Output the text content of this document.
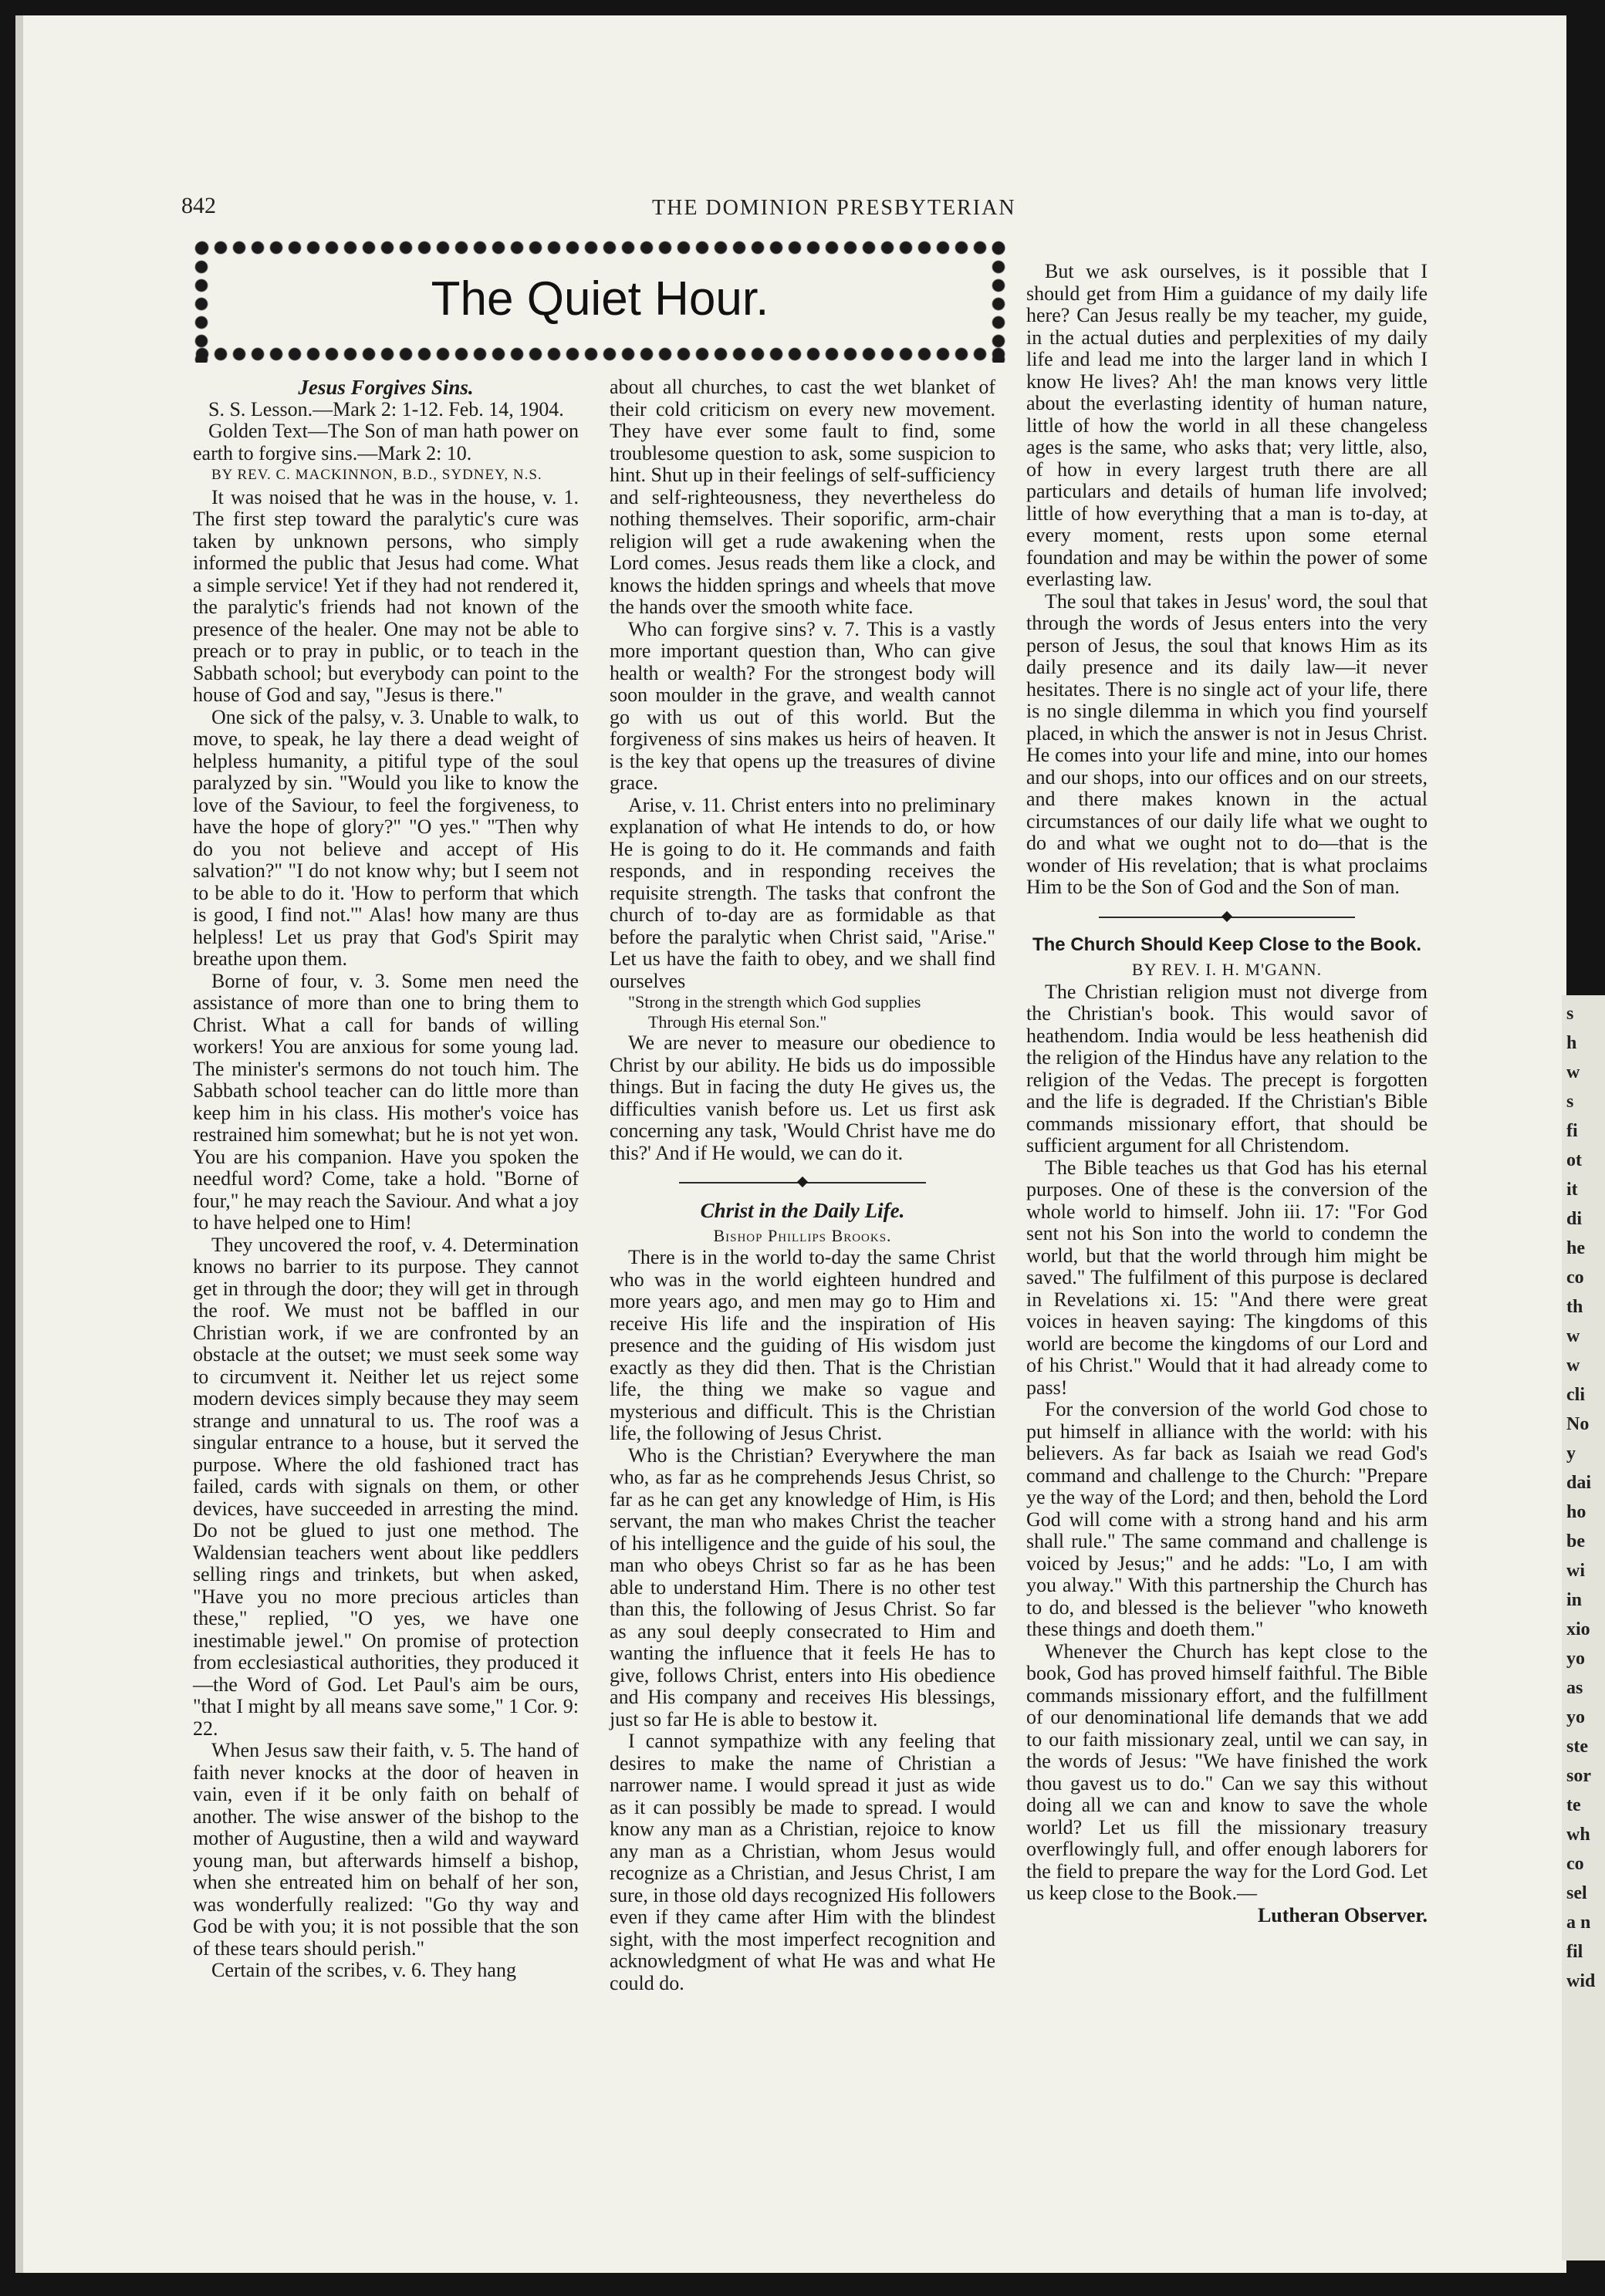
842	THE DOMINION PRESBYTERIAN
The Quiet Hour.

Jesus Forgives Sins.

S. S. Lesson.—Mark 2: 1-12. Feb. 14, 1904.

Golden Text—The Son of man hath power on earth to forgive sins.—Mark 2: 10.

BY REV. C. MACKINNON, B.D., SYDNEY, N.S.

It was noised that he was in the house, v. 1. The first step toward the paralytic's cure was taken by unknown persons, who simply informed the public that Jesus had come. What a simple service! Yet if they had not rendered it, the paralytic's friends had not known of the presence of the healer. One may not be able to preach or to pray in public, or to teach in the Sabbath school; but everybody can point to the house of God and say, "Jesus is there."

One sick of the palsy, v. 3. Unable to walk, to move, to speak, he lay there a dead weight of helpless humanity, a pitiful type of the soul paralyzed by sin. "Would you like to know the love of the Saviour, to feel the forgiveness, to have the hope of glory?" "O yes." "Then why do you not believe and accept of His salvation?" "I do not know why; but I seem not to be able to do it. 'How to perform that which is good, I find not.'" Alas! how many are thus helpless! Let us pray that God's Spirit may breathe upon them.

Borne of four, v. 3. Some men need the assistance of more than one to bring them to Christ. What a call for bands of willing workers! You are anxious for some young lad. The minister's sermons do not touch him. The Sabbath school teacher can do little more than keep him in his class. His mother's voice has restrained him somewhat; but he is not yet won. You are his companion. Have you spoken the needful word? Come, take a hold. "Borne of four," he may reach the Saviour. And what a joy to have helped one to Him!

They uncovered the roof, v. 4. Determination knows no barrier to its purpose. They cannot get in through the door; they will get in through the roof. We must not be baffled in our Christian work, if we are confronted by an obstacle at the outset; we must seek some way to circumvent it. Neither let us reject some modern devices simply because they may seem strange and unnatural to us. The roof was a singular entrance to a house, but it served the purpose. Where the old fashioned tract has failed, cards with signals on them, or other devices, have succeeded in arresting the mind. Do not be glued to just one method. The Waldensian teachers went about like peddlers selling rings and trinkets, but when asked, "Have you no more precious articles than these," replied, "O yes, we have one inestimable jewel." On promise of protection from ecclesiastical authorities, they produced it—the Word of God. Let Paul's aim be ours, "that I might by all means save some," 1 Cor. 9: 22.

When Jesus saw their faith, v. 5. The hand of faith never knocks at the door of heaven in vain, even if it be only faith on behalf of another. The wise answer of the bishop to the mother of Augustine, then a wild and wayward young man, but afterwards himself a bishop, when she entreated him on behalf of her son, was wonderfully realized: "Go thy way and God be with you; it is not possible that the son of these tears should perish."

Certain of the scribes, v. 6. They hang

about all churches, to cast the wet blanket of their cold criticism on every new movement. They have ever some fault to find, some troublesome question to ask, some suspicion to hint. Shut up in their feelings of self-sufficiency and self-righteousness, they nevertheless do nothing themselves. Their soporific, arm-chair religion will get a rude awakening when the Lord comes. Jesus reads them like a clock, and knows the hidden springs and wheels that move the hands over the smooth white face.

Who can forgive sins? v. 7. This is a vastly more important question than, Who can give health or wealth? For the strongest body will soon moulder in the grave, and wealth cannot go with us out of this world. But the forgiveness of sins makes us heirs of heaven. It is the key that opens up the treasures of divine grace.

Arise, v. 11. Christ enters into no preliminary explanation of what He intends to do, or how He is going to do it. He commands and faith responds, and in responding receives the requisite strength. The tasks that confront the church of to-day are as formidable as that before the paralytic when Christ said, "Arise." Let us have the faith to obey, and we shall find ourselves

"Strong in the strength which God supplies

Through His eternal Son."

We are never to measure our obedience to Christ by our ability. He bids us do impossible things. But in facing the duty He gives us, the difficulties vanish before us. Let us first ask concerning any task, 'Would Christ have me do this?' And if He would, we can do it.

Christ in the Daily Life.

Bishop Phillips Brooks.

There is in the world to-day the same Christ who was in the world eighteen hundred and more years ago, and men may go to Him and receive His life and the inspiration of His presence and the guiding of His wisdom just exactly as they did then. That is the Christian life, the thing we make so vague and mysterious and difficult. This is the Christian life, the following of Jesus Christ.

Who is the Christian? Everywhere the man who, as far as he comprehends Jesus Christ, so far as he can get any knowledge of Him, is His servant, the man who makes Christ the teacher of his intelligence and the guide of his soul, the man who obeys Christ so far as he has been able to understand Him. There is no other test than this, the following of Jesus Christ. So far as any soul deeply consecrated to Him and wanting the influence that it feels He has to give, follows Christ, enters into His obedience and His company and receives His blessings, just so far He is able to bestow it.

I cannot sympathize with any feeling that desires to make the name of Christian a narrower name. I would spread it just as wide as it can possibly be made to spread. I would know any man as a Christian, rejoice to know any man as a Christian, whom Jesus would recognize as a Christian, and Jesus Christ, I am sure, in those old days recognized His followers even if they came after Him with the blindest sight, with the most imperfect recognition and acknowledgment of what He was and what He could do.

But we ask ourselves, is it possible that I should get from Him a guidance of my daily life here? Can Jesus really be my teacher, my guide, in the actual duties and perplexities of my daily life and lead me into the larger land in which I know He lives? Ah! the man knows very little about the everlasting identity of human nature, little of how the world in all these changeless ages is the same, who asks that; very little, also, of how in every largest truth there are all particulars and details of human life involved; little of how everything that a man is to-day, at every moment, rests upon some eternal foundation and may be within the power of some everlasting law.

The soul that takes in Jesus' word, the soul that through the words of Jesus enters into the very person of Jesus, the soul that knows Him as its daily presence and its daily law—it never hesitates. There is no single act of your life, there is no single dilemma in which you find yourself placed, in which the answer is not in Jesus Christ. He comes into your life and mine, into our homes and our shops, into our offices and on our streets, and there makes known in the actual circumstances of our daily life what we ought to do and what we ought not to do—that is the wonder of His revelation; that is what proclaims Him to be the Son of God and the Son of man.

The Church Should Keep Close to the Book.

BY REV. I. H. M'GANN.

The Christian religion must not diverge from the Christian's book. This would savor of heathendom. India would be less heathenish did the religion of the Hindus have any relation to the religion of the Vedas. The precept is forgotten and the life is degraded. If the Christian's Bible commands missionary effort, that should be sufficient argument for all Christendom.

The Bible teaches us that God has his eternal purposes. One of these is the conversion of the whole world to himself. John iii. 17: "For God sent not his Son into the world to condemn the world, but that the world through him might be saved." The fulfilment of this purpose is declared in Revelations xi. 15: "And there were great voices in heaven saying: The kingdoms of this world are become the kingdoms of our Lord and of his Christ." Would that it had already come to pass!

For the conversion of the world God chose to put himself in alliance with the world: with his believers. As far back as Isaiah we read God's command and challenge to the Church: "Prepare ye the way of the Lord; and then, behold the Lord God will come with a strong hand and his arm shall rule." The same command and challenge is voiced by Jesus;" and he adds: "Lo, I am with you alway." With this partnership the Church has to do, and blessed is the believer "who knoweth these things and doeth them."

Whenever the Church has kept close to the book, God has proved himself faithful. The Bible commands missionary effort, and the fulfillment of our denominational life demands that we add to our faith missionary zeal, until we can say, in the words of Jesus: "We have finished the work thou gavest us to do." Can we say this without doing all we can and know to save the whole world? Let us fill the missionary treasury overflowingly full, and offer enough laborers for the field to prepare the way for the Lord God. Let us keep close to the Book.—

Lutheran Observer.

s
h
w
s
fi
ot
it
di
he
co
th
w
w
cli
No
y
dai
ho
be
wi
in
xio
yo
as
yo
ste
sor
te
wh
co
sel
a n
fil
wid
